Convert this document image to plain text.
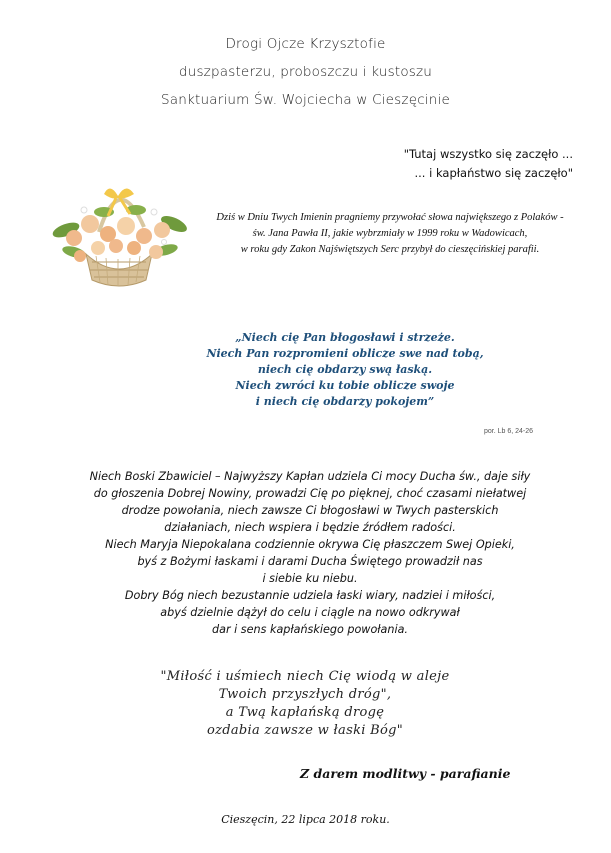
Drogi Ojcze Krzysztofie
duszpasterzu, proboszczu i kustoszu
Sanktuarium Św. Wojciecha w Cieszęcinie
"Tutaj wszystko się zaczęło ...
... i kapłaństwo się zaczęło"
Dziś w Dniu Twych Imienin pragniemy przywołać słowa największego z Polaków -
św. Jana Pawła II, jakie wybrzmiały w 1999 roku w Wadowicach,
w roku gdy Zakon Najświętszych Serc przybył do cieszęcińskiej parafii.
„Niech cię Pan błogosławi i strzeże.
Niech Pan rozpromieni oblicze swe nad tobą,
niech cię obdarzy swą łaską.
Niech zwróci ku tobie oblicze swoje
i niech cię obdarzy pokojem”
por. Lb 6, 24-26
Niech Boski Zbawiciel – Najwyższy Kapłan udziela Ci mocy Ducha św., daje siły
do głoszenia Dobrej Nowiny, prowadzi Cię po pięknej, choć czasami niełatwej
drodze powołania, niech zawsze Ci błogosławi w Twych pasterskich
działaniach, niech wspiera i będzie źródłem radości.
Niech Maryja Niepokalana codziennie okrywa Cię płaszczem Swej Opieki,
byś z Bożymi łaskami i darami Ducha Świętego prowadził nas
i siebie ku niebu.
Dobry Bóg niech bezustannie udziela łaski wiary, nadziei i miłości,
abyś dzielnie dążył do celu i ciągle na nowo odkrywał
dar i sens kapłańskiego powołania.
"Miłość i uśmiech niech Cię wiodą w aleje
Twoich przyszłych dróg",
a Twą kapłańską drogę
ozdabia zawsze w łaski Bóg"
Z darem modlitwy - parafianie
Cieszęcin, 22 lipca 2018 roku.
